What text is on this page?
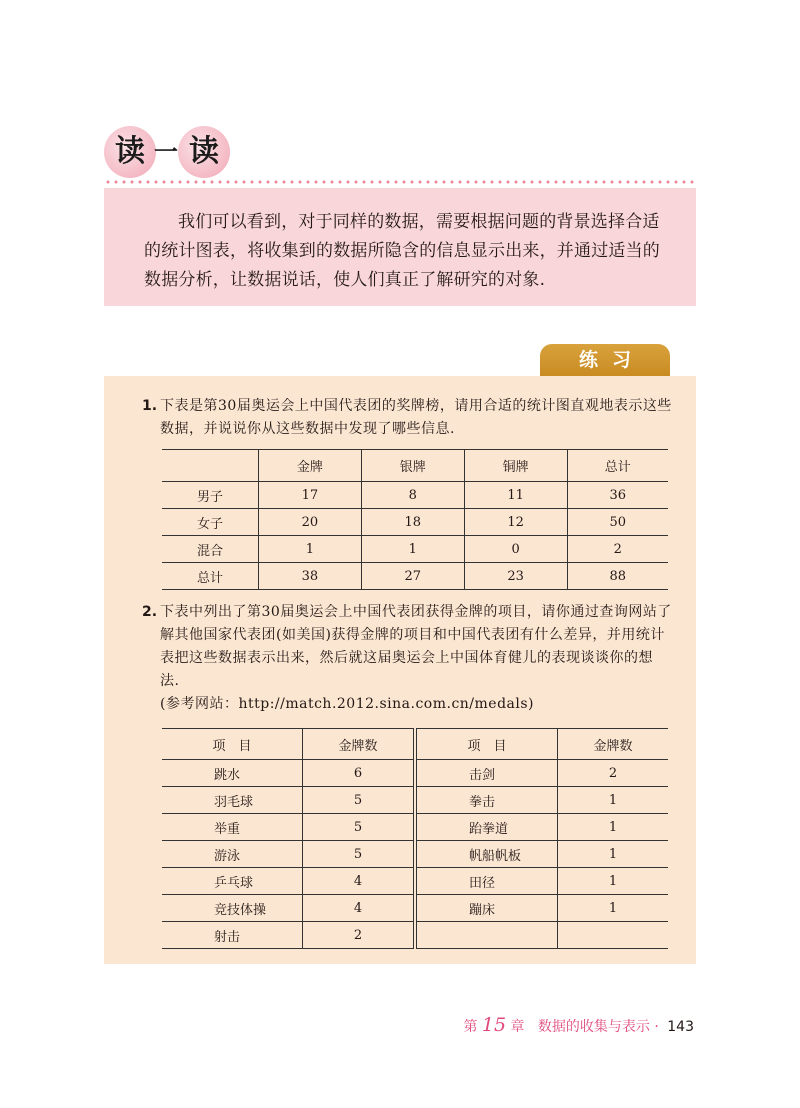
读 一 读

我们可以看到，对于同样的数据，需要根据问题的背景选择合适的统计图表，将收集到的数据所隐含的信息显示出来，并通过适当的数据分析，让数据说话，使人们真正了解研究的对象.

练习
1. 下表是第30届奥运会上中国代表团的奖牌榜，请用合适的统计图直观地表示这些数据，并说说你从这些数据中发现了哪些信息.
	金牌	银牌	铜牌	总计
男子	17	8	11	36
女子	20	18	12	50
混合	1	1	0	2
总计	38	27	23	88
2. 下表中列出了第30届奥运会上中国代表团获得金牌的项目，请你通过查询网站了解其他国家代表团(如美国)获得金牌的项目和中国代表团有什么差异，并用统计表把这些数据表示出来，然后就这届奥运会上中国体育健儿的表现谈谈你的想法.
(参考网站：http://match.2012.sina.com.cn/medals)
项　目	金牌数	项　目	金牌数
跳水	6	击剑	2
羽毛球	5	拳击	1
举重	5	跆拳道	1
游泳	5	帆船帆板	1
乒乓球	4	田径	1
竞技体操	4	蹦床	1
射击	2		
第 15 章 数据的收集与表示 · 143
